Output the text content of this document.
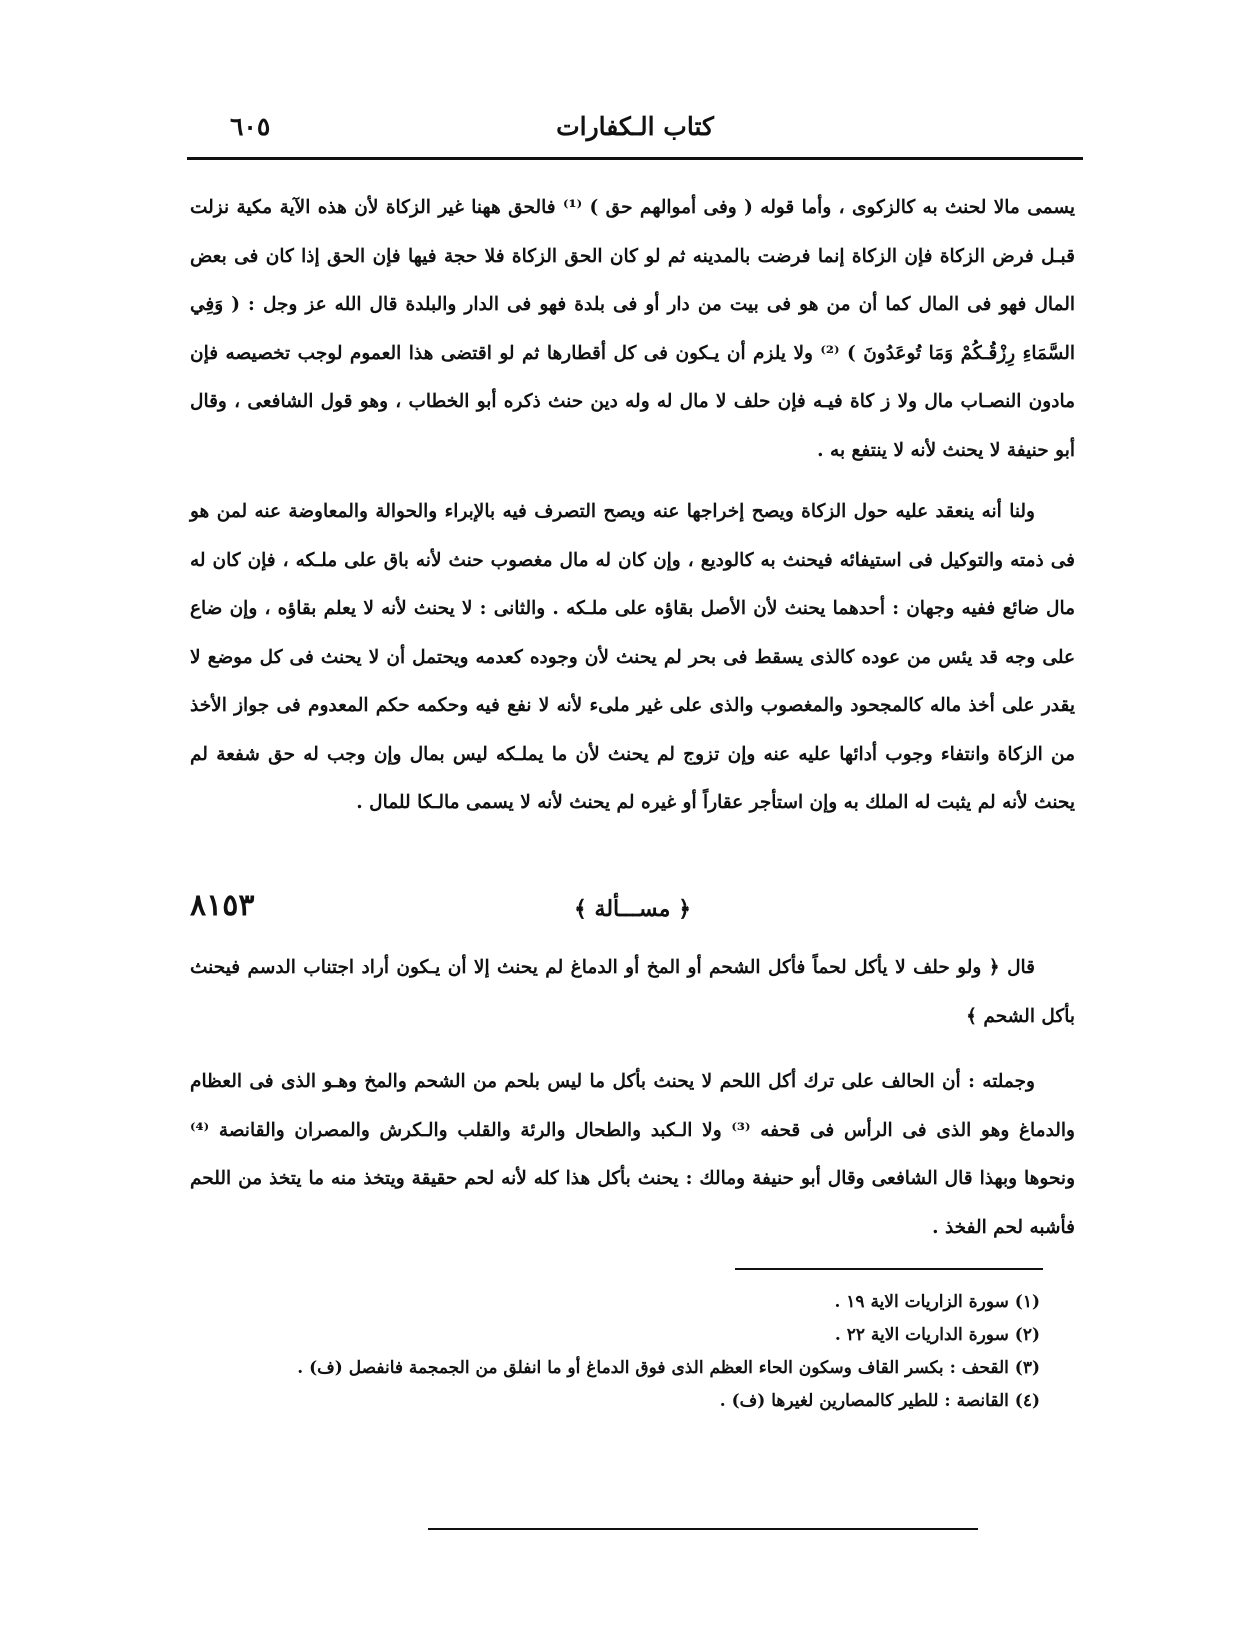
كتاب الـكفارات
٦٠٥

يسمى مالا لحنث به كالزكوى ، وأما قوله ( وفى أموالهم حق ) ⁽¹⁾ فالحق ههنا غير الزكاة لأن هذه الآية مكية نزلت قبـل فرض الزكاة فإن الزكاة إنما فرضت بالمدينه ثم لو كان الحق الزكاة فلا حجة فيها فإن الحق إذا كان فى بعض المال فهو فى المال كما أن من هو فى بيت من دار أو فى بلدة فهو فى الدار والبلدة قال الله عز وجل : ( وَفِي السَّمَاءِ رِزْقُـكُمْ وَمَا تُوعَدُونَ ) ⁽²⁾ ولا يلزم أن يـكون فى كل أقطارها ثم لو اقتضى هذا العموم لوجب تخصيصه فإن مادون النصـاب مال ولا ز كاة فيـه فإن حلف لا مال له وله دين حنث ذكره أبو الخطاب ، وهو قول الشافعى ، وقال أبو حنيفة لا يحنث لأنه لا ينتفع به .

ولنا أنه ينعقد عليه حول الزكاة ويصح إخراجها عنه ويصح التصرف فيه بالإبراء والحوالة والمعاوضة عنه لمن هو فى ذمته والتوكيل فى استيفائه فيحنث به كالوديع ، وإن كان له مال مغصوب حنث لأنه باق على ملـكه ، فإن كان له مال ضائع ففيه وجهان : أحدهما يحنث لأن الأصل بقاؤه على ملـكه . والثانى : لا يحنث لأنه لا يعلم بقاؤه ، وإن ضاع على وجه قد يئس من عوده كالذى يسقط فى بحر لم يحنث لأن وجوده كعدمه ويحتمل أن لا يحنث فى كل موضع لا يقدر على أخذ ماله كالمجحود والمغصوب والذى على غير ملىء لأنه لا نفع فيه وحكمه حكم المعدوم فى جواز الأخذ من الزكاة وانتفاء وجوب أدائها عليه عنه وإن تزوج لم يحنث لأن ما يملـكه ليس بمال وإن وجب له حق شفعة لم يحنث لأنه لم يثبت له الملك به وإن استأجر عقاراً أو غيره لم يحنث لأنه لا يسمى مالـكا للمال .

﴿ مســـألة ﴾
٨١٥٣

قال ﴿ ولو حلف لا يأكل لحماً فأكل الشحم أو المخ أو الدماغ لم يحنث إلا أن يـكون أراد اجتناب الدسم فيحنث بأكل الشحم ﴾

وجملته : أن الحالف على ترك أكل اللحم لا يحنث بأكل ما ليس بلحم من الشحم والمخ وهـو الذى فى العظام والدماغ وهو الذى فى الرأس فى قحفه ⁽³⁾ ولا الـكبد والطحال والرئة والقلب والـكرش والمصران والقانصة ⁽⁴⁾ ونحوها وبهذا قال الشافعى وقال أبو حنيفة ومالك : يحنث بأكل هذا كله لأنه لحم حقيقة ويتخذ منه ما يتخذ من اللحم فأشبه لحم الفخذ .

(١) سورة الزاريات الاية ١٩ .
(٢) سورة الداريات الاية ٢٢ .
(٣) القحف : بكسر القاف وسكون الحاء العظم الذى فوق الدماغ أو ما انفلق من الجمجمة فانفصل (ف) .
(٤) القانصة : للطير كالمصارين لغيرها (ف) .
